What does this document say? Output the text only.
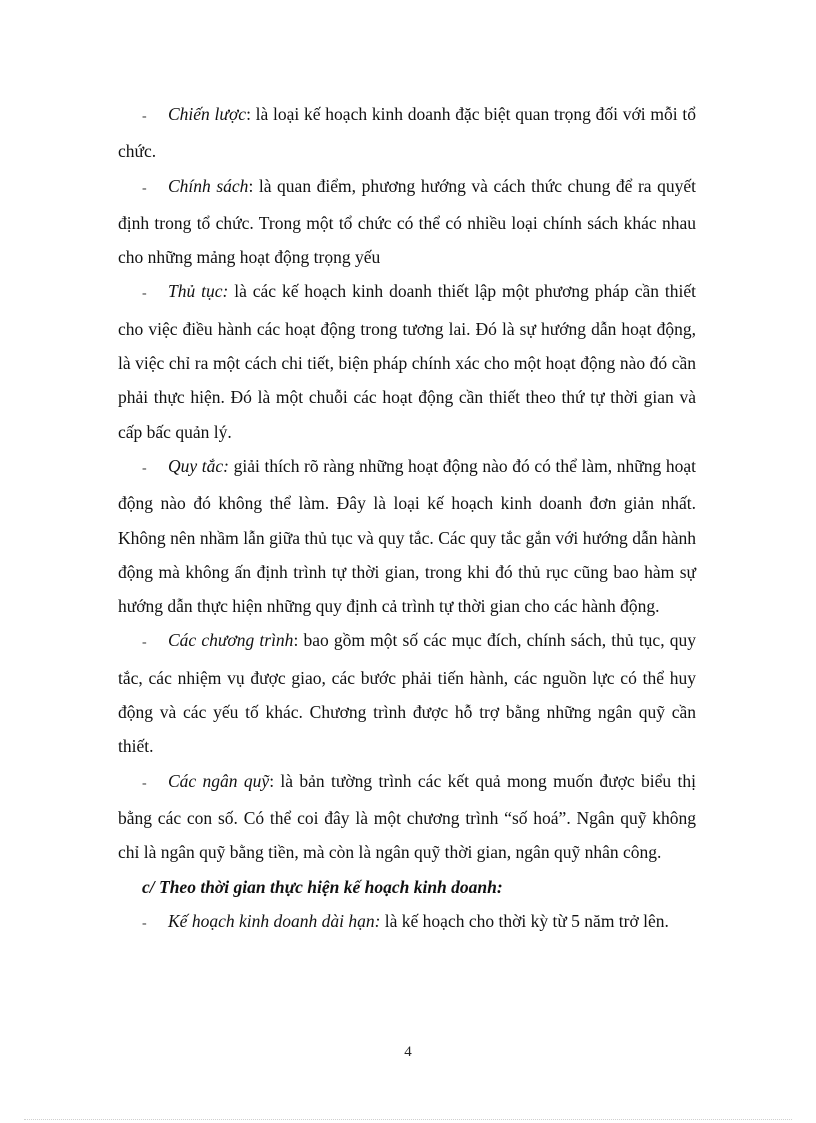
- Chiến lược: là loại kế hoạch kinh doanh đặc biệt quan trọng đối với mỗi tổ chức.

- Chính sách: là quan điểm, phương hướng và cách thức chung để ra quyết định trong tổ chức. Trong một tổ chức có thể có nhiều loại chính sách khác nhau cho những mảng hoạt động trọng yếu

- Thủ tục: là các kế hoạch kinh doanh thiết lập một phương pháp cần thiết cho việc điều hành các hoạt động trong tương lai. Đó là sự hướng dẫn hoạt động, là việc chỉ ra một cách chi tiết, biện pháp chính xác cho một hoạt động nào đó cần phải thực hiện. Đó là một chuỗi các hoạt động cần thiết theo thứ tự thời gian và cấp bấc quản lý.

- Quy tắc: giải thích rõ ràng những hoạt động nào đó có thể làm, những hoạt động nào đó không thể làm. Đây là loại kế hoạch kinh doanh đơn giản nhất. Không nên nhầm lẫn giữa thủ tục và quy tắc. Các quy tắc gắn với hướng dẫn hành động mà không ấn định trình tự thời gian, trong khi đó thủ rục cũng bao hàm sự hướng dẫn thực hiện những quy định cả trình tự thời gian cho các hành động.

- Các chương trình: bao gồm một số các mục đích, chính sách, thủ tục, quy tắc, các nhiệm vụ được giao, các bước phải tiến hành, các nguồn lực có thể huy động và các yếu tố khác. Chương trình được hỗ trợ bằng những ngân quỹ cần thiết.

- Các ngân quỹ: là bản tường trình các kết quả mong muốn được biểu thị bằng các con số. Có thể coi đây là một chương trình “số hoá”. Ngân quỹ không chỉ là ngân quỹ bằng tiền, mà còn là ngân quỹ thời gian, ngân quỹ nhân công.

c/ Theo thời gian thực hiện kế hoạch kinh doanh:

- Kế hoạch kinh doanh dài hạn: là kế hoạch cho thời kỳ từ 5 năm trở lên.

4
